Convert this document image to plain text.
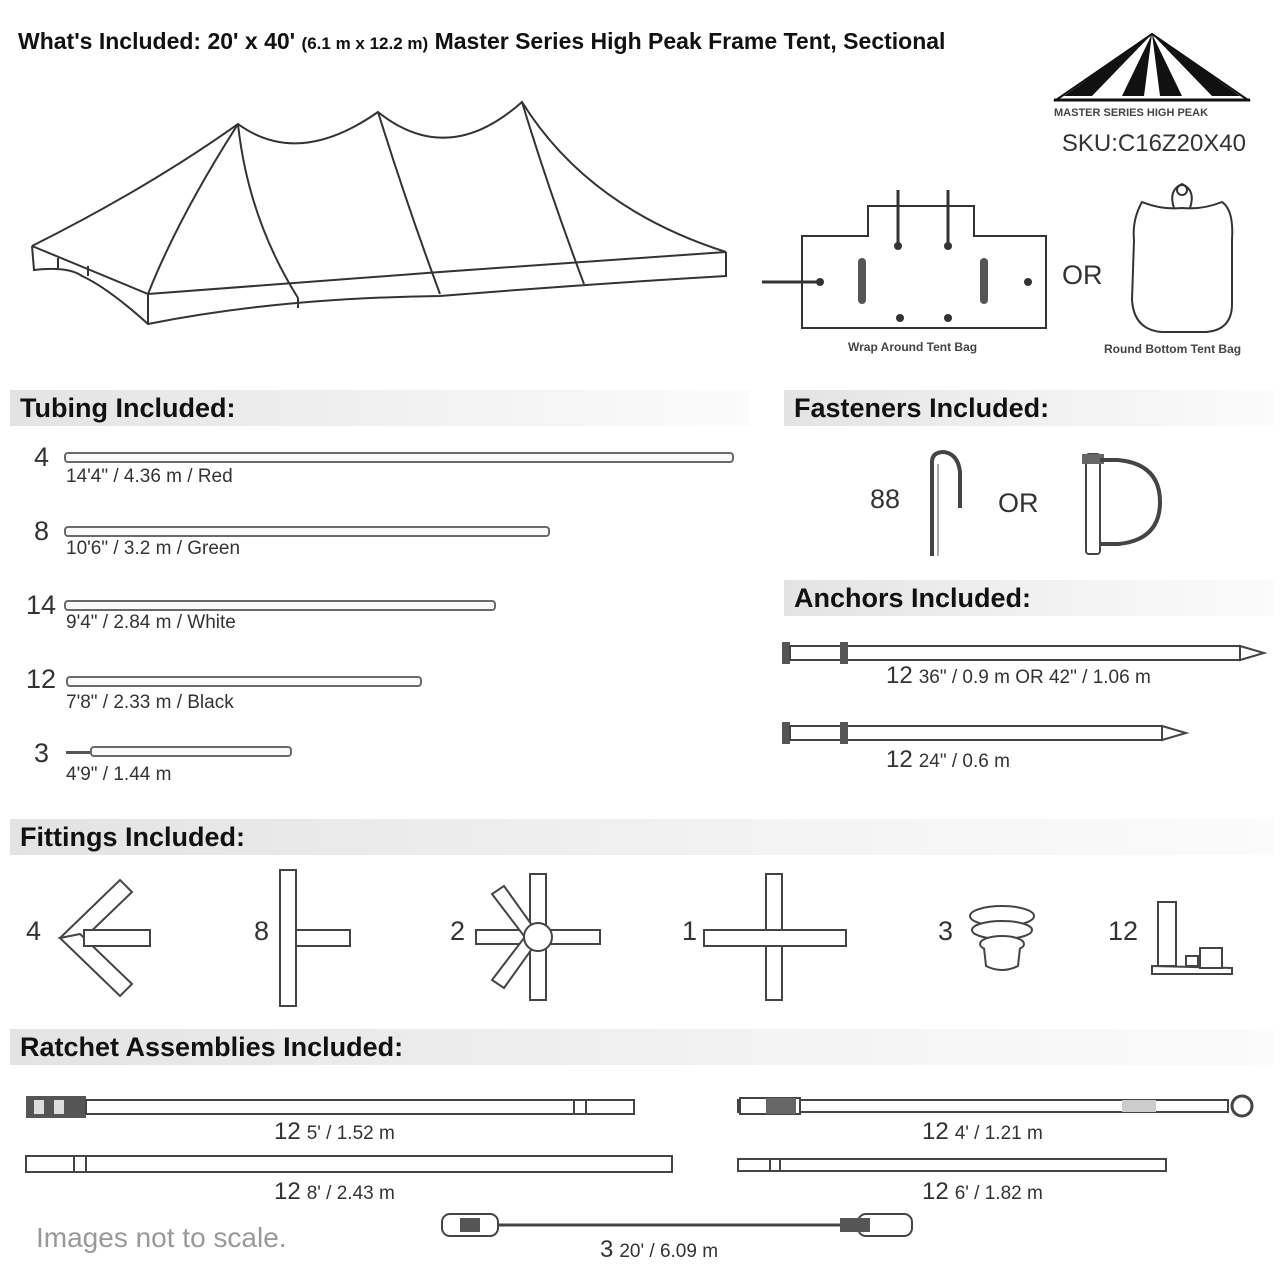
What's Included: 20' x 40' (6.1 m x 12.2 m) Master Series High Peak Frame Tent, Sectional
MASTER SERIES HIGH PEAK
SKU:C16Z20X40
Wrap Around Tent Bag
OR
Round Bottom Tent Bag
Tubing Included:	Fasteners Included:
Anchors Included:
Fittings Included:
Ratchet Assemblies Included:
4
14'4" / 4.36 m / Red
8
10'6" / 3.2 m / Green
14
9'4" / 2.84 m / White
12
7'8" / 2.33 m / Black
3
4'9" / 1.44 m
88	OR
12 36" / 0.9 m OR 42" / 1.06 m
12 24" / 0.6 m
4	8	2	1	3	12
12 5' / 1.52 m
12 8' / 2.43 m
12 4' / 1.21 m
12 6' / 1.82 m
3 20' / 6.09 m
Images not to scale.
